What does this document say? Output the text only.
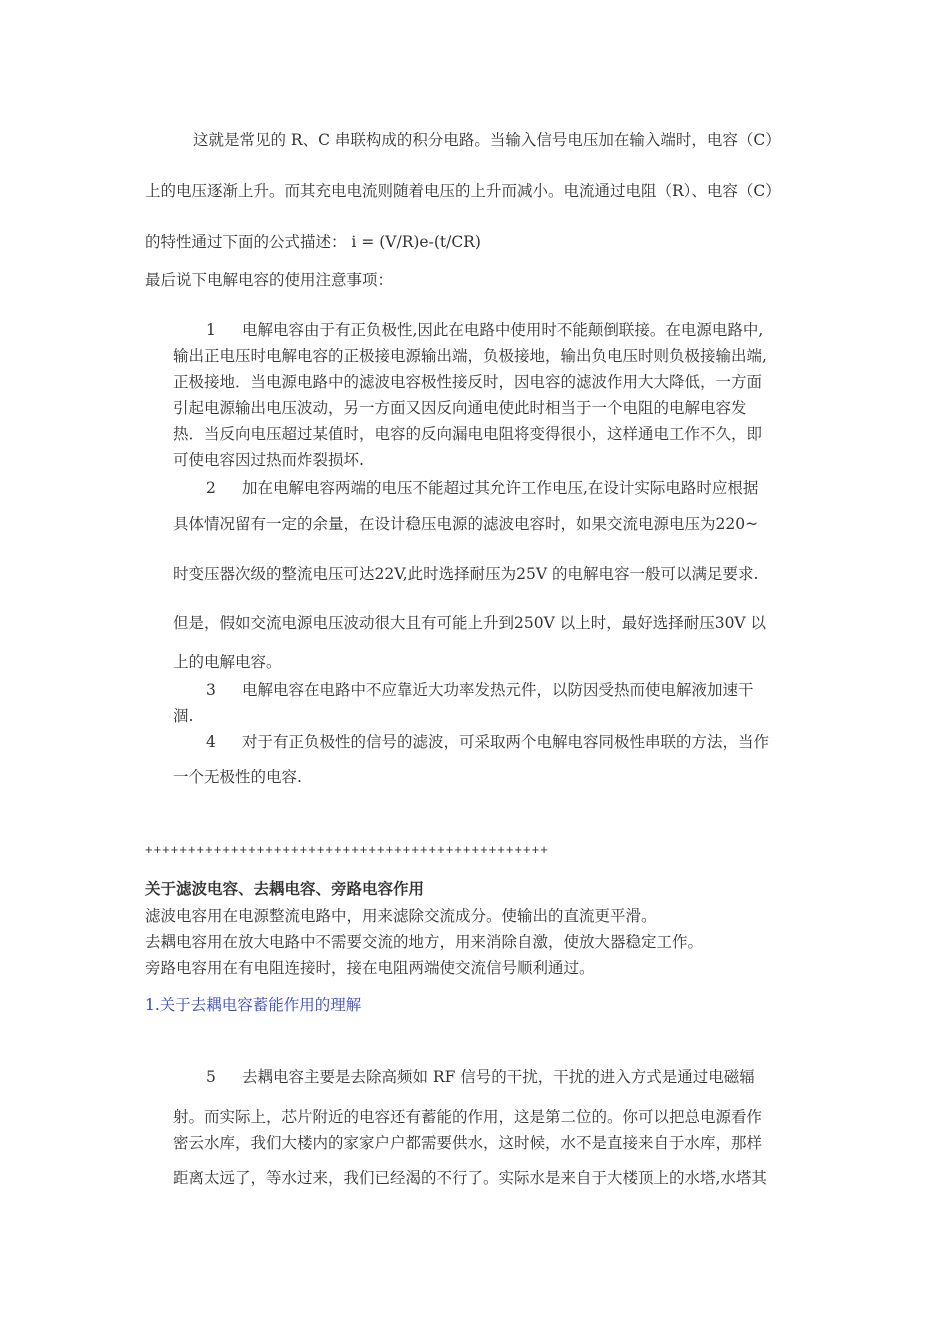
这就是常见的 R、C 串联构成的积分电路。当输入信号电压加在输入端时，电容（C）
上的电压逐渐上升。而其充电电流则随着电压的上升而减小。电流通过电阻（R）、电容（C）
的特性通过下面的公式描述： i = (V/R)e-(t/CR)
最后说下电解电容的使用注意事项：
1 电解电容由于有正负极性,因此在电路中使用时不能颠倒联接。在电源电路中,
输出正电压时电解电容的正极接电源输出端，负极接地，输出负电压时则负极接输出端,
正极接地．当电源电路中的滤波电容极性接反时，因电容的滤波作用大大降低，一方面
引起电源输出电压波动，另一方面又因反向通电使此时相当于一个电阻的电解电容发
热．当反向电压超过某值时，电容的反向漏电电阻将变得很小，这样通电工作不久，即
可使电容因过热而炸裂损坏.
2 加在电解电容两端的电压不能超过其允许工作电压,在设计实际电路时应根据
具体情况留有一定的余量，在设计稳压电源的滤波电容时，如果交流电源电压为220~
时变压器次级的整流电压可达22V,此时选择耐压为25V 的电解电容一般可以满足要求.
但是，假如交流电源电压波动很大且有可能上升到250V 以上时，最好选择耐压30V 以
上的电解电容。
3 电解电容在电路中不应靠近大功率发热元件，以防因受热而使电解液加速干
涸.
4 对于有正负极性的信号的滤波，可采取两个电解电容同极性串联的方法，当作
一个无极性的电容.
+++++++++++++++++++++++++++++++++++++++++++++++
关于滤波电容、去耦电容、旁路电容作用
滤波电容用在电源整流电路中，用来滤除交流成分。使输出的直流更平滑。
去耦电容用在放大电路中不需要交流的地方，用来消除自激，使放大器稳定工作。
旁路电容用在有电阻连接时，接在电阻两端使交流信号顺利通过。
1.关于去耦电容蓄能作用的理解
5 去耦电容主要是去除高频如 RF 信号的干扰，干扰的进入方式是通过电磁辐
射。而实际上，芯片附近的电容还有蓄能的作用，这是第二位的。你可以把总电源看作
密云水库，我们大楼内的家家户户都需要供水，这时候，水不是直接来自于水库，那样
距离太远了，等水过来，我们已经渴的不行了。实际水是来自于大楼顶上的水塔,水塔其
